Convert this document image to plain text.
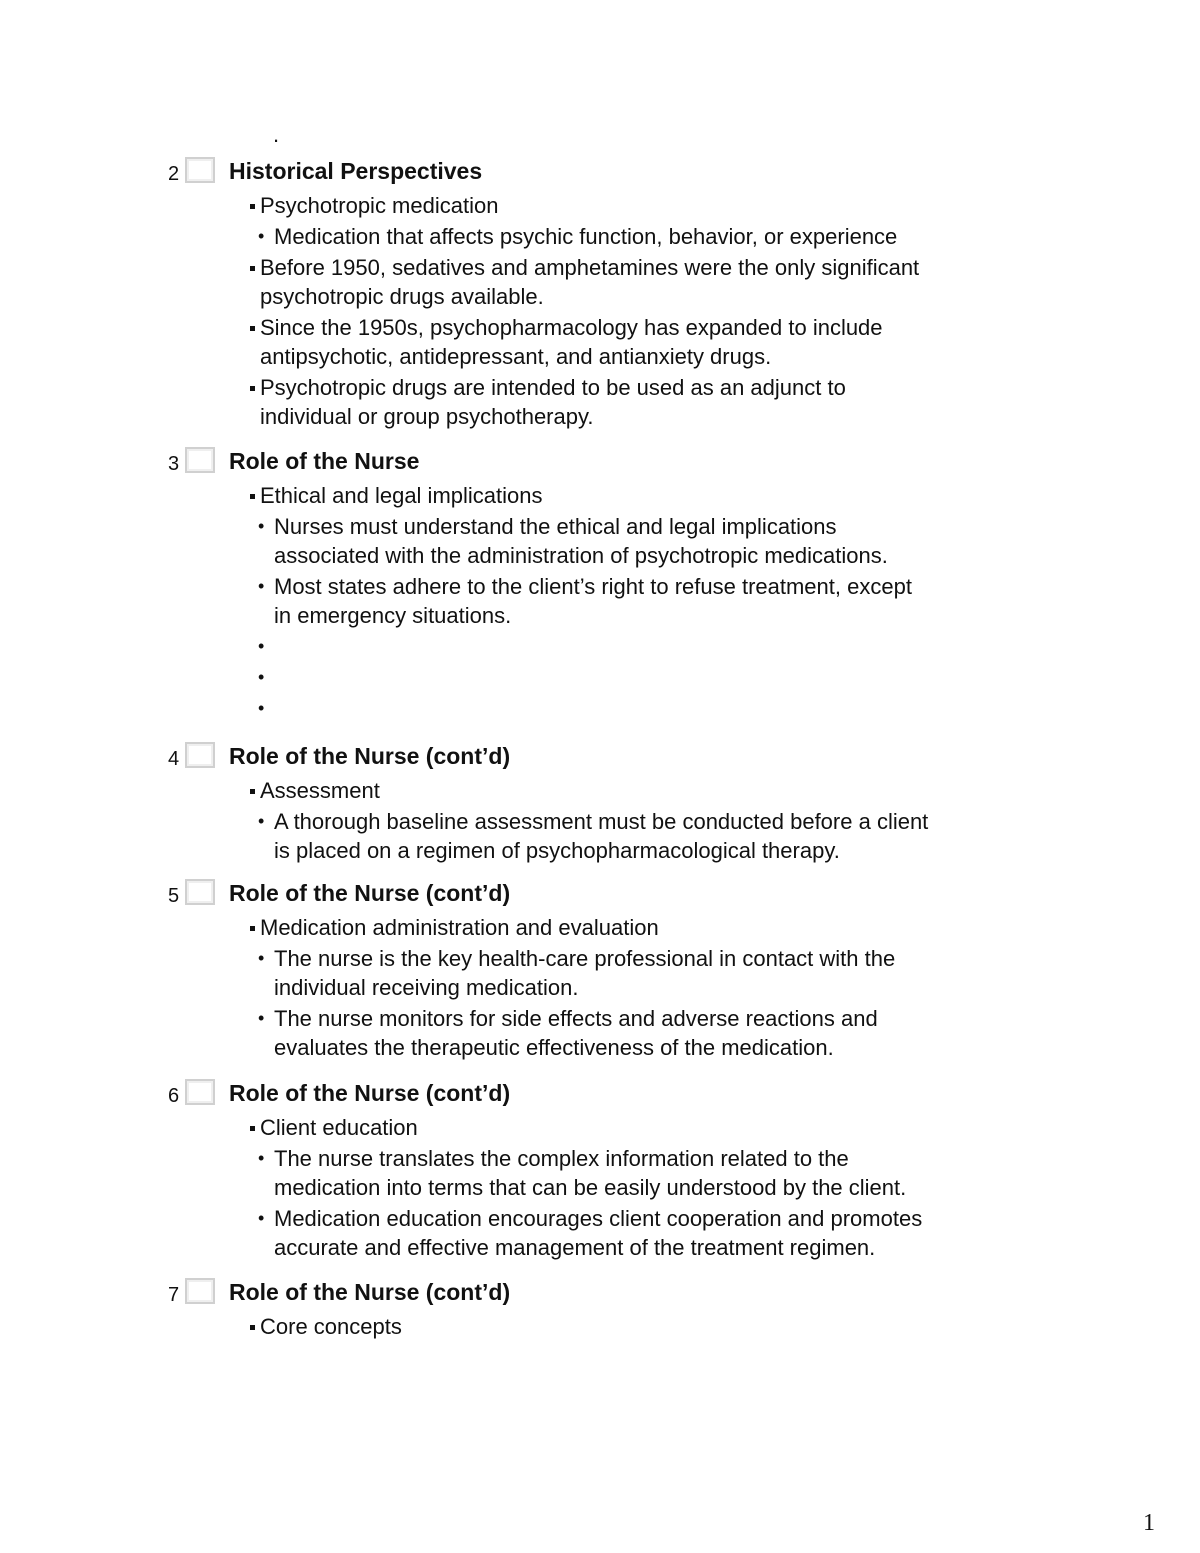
.
2 Historical Perspectives
Psychotropic medication
• Medication that affects psychic function, behavior, or experience
Before 1950, sedatives and amphetamines were the only significant
psychotropic drugs available.
Since the 1950s, psychopharmacology has expanded to include
antipsychotic, antidepressant, and antianxiety drugs.
Psychotropic drugs are intended to be used as an adjunct to
individual or group psychotherapy.
3 Role of the Nurse
Ethical and legal implications
• Nurses must understand the ethical and legal implications
associated with the administration of psychotropic medications.
• Most states adhere to the client’s right to refuse treatment, except
in emergency situations.
•
•
•
4 Role of the Nurse (cont’d)
Assessment
• A thorough baseline assessment must be conducted before a client
is placed on a regimen of psychopharmacological therapy.
5 Role of the Nurse (cont’d)
Medication administration and evaluation
• The nurse is the key health-care professional in contact with the
individual receiving medication.
• The nurse monitors for side effects and adverse reactions and
evaluates the therapeutic effectiveness of the medication.
6 Role of the Nurse (cont’d)
Client education
• The nurse translates the complex information related to the
medication into terms that can be easily understood by the client.
• Medication education encourages client cooperation and promotes
accurate and effective management of the treatment regimen.
7 Role of the Nurse (cont’d)
Core concepts
1
